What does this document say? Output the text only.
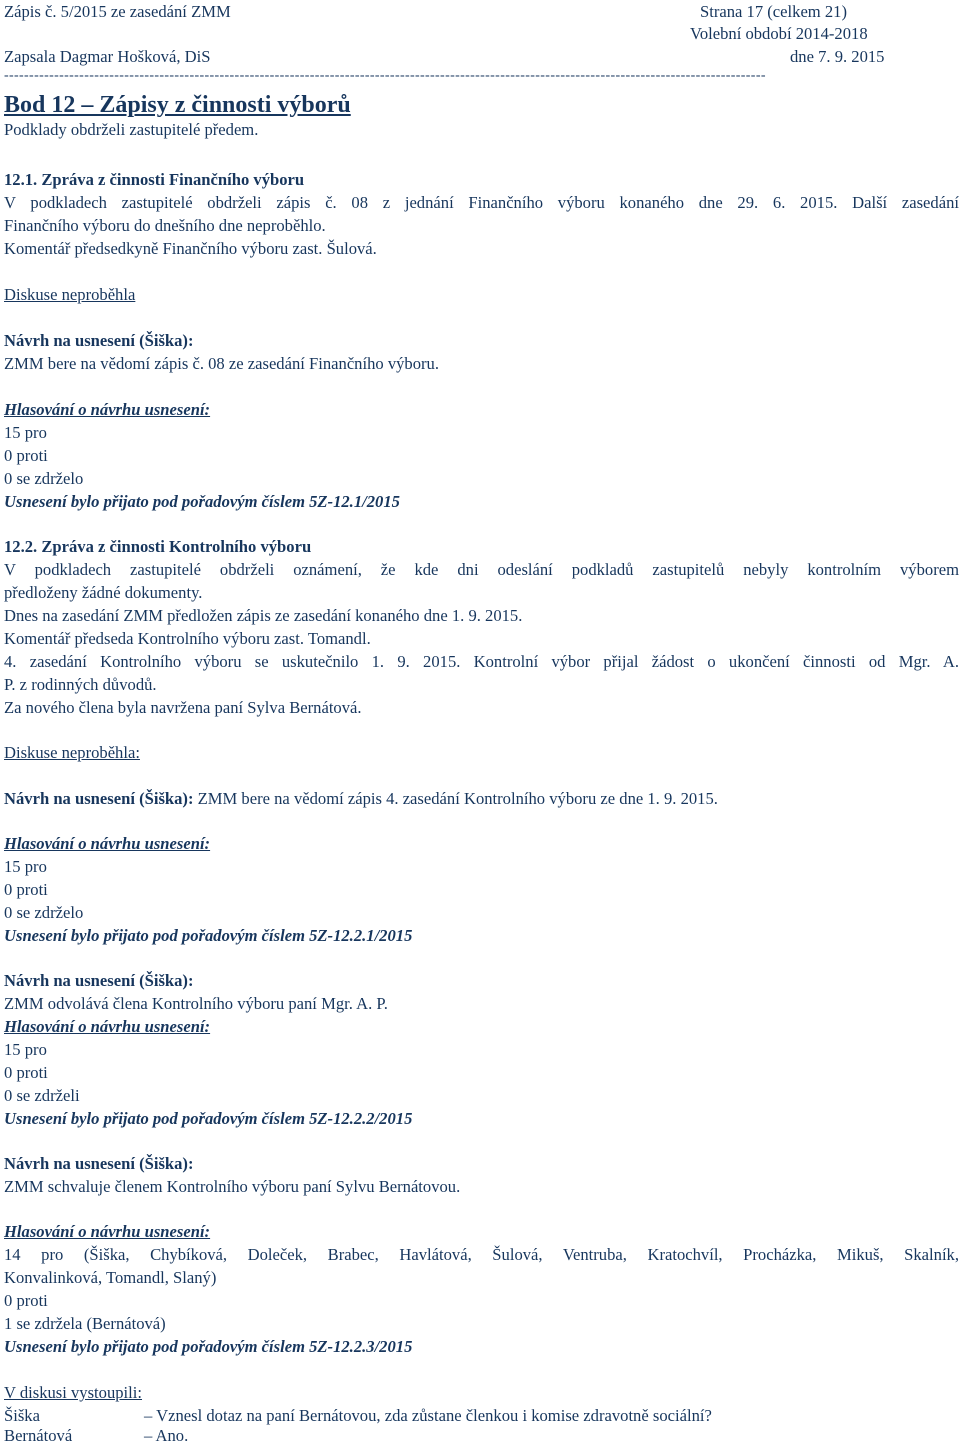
Zápis č. 5/2015 ze zasedání ZMM	Strana 17 (celkem 21)
Volební období 2014-2018
Zapsala Dagmar Hošková, DiS	dne 7. 9. 2015
--------------------------------------------------------------------------------------------------------------------------------------------------------
Bod 12 – Zápisy z činnosti výborů
Podklady obdrželi zastupitelé předem.
12.1. Zpráva z činnosti Finančního výboru
V podkladech zastupitelé obdrželi zápis č. 08 z jednání Finančního výboru konaného dne 29. 6. 2015. Další zasedání
Finančního výboru do dnešního dne neproběhlo.
Komentář předsedkyně Finančního výboru zast. Šulová.
Diskuse neproběhla
Návrh na usnesení (Šiška):
ZMM bere na vědomí zápis č. 08 ze zasedání Finančního výboru.
Hlasování o návrhu usnesení:
15 pro
0 proti
0 se zdrželo
Usnesení bylo přijato pod pořadovým číslem 5Z-12.1/2015
12.2. Zpráva z činnosti Kontrolního výboru
V podkladech zastupitelé obdrželi oznámení, že kde dni odeslání podkladů zastupitelů nebyly kontrolním výborem
předloženy žádné dokumenty.
Dnes na zasedání ZMM předložen zápis ze zasedání konaného dne 1. 9. 2015.
Komentář předseda Kontrolního výboru zast. Tomandl.
4. zasedání Kontrolního výboru se uskutečnilo 1. 9. 2015. Kontrolní výbor přijal žádost o ukončení činnosti od Mgr. A.
P. z rodinných důvodů.
Za nového člena byla navržena paní Sylva Bernátová.
Diskuse neproběhla:
Návrh na usnesení (Šiška): ZMM bere na vědomí zápis 4. zasedání Kontrolního výboru ze dne 1. 9. 2015.
Hlasování o návrhu usnesení:
15 pro
0 proti
0 se zdrželo
Usnesení bylo přijato pod pořadovým číslem 5Z-12.2.1/2015
Návrh na usnesení (Šiška):
ZMM odvolává člena Kontrolního výboru paní Mgr. A. P.
Hlasování o návrhu usnesení:
15 pro
0 proti
0 se zdrželi
Usnesení bylo přijato pod pořadovým číslem 5Z-12.2.2/2015
Návrh na usnesení (Šiška):
ZMM schvaluje členem Kontrolního výboru paní Sylvu Bernátovou.
Hlasování o návrhu usnesení:
14 pro (Šiška, Chybíková, Doleček, Brabec, Havlátová, Šulová, Ventruba, Kratochvíl, Procházka, Mikuš, Skalník,
Konvalinková, Tomandl, Slaný)
0 proti
1 se zdržela (Bernátová)
Usnesení bylo přijato pod pořadovým číslem 5Z-12.2.3/2015
V diskusi vystoupili:
Šiška	– Vznesl dotaz na paní Bernátovou, zda zůstane členkou i komise zdravotně sociální?
Bernátová	– Ano.
